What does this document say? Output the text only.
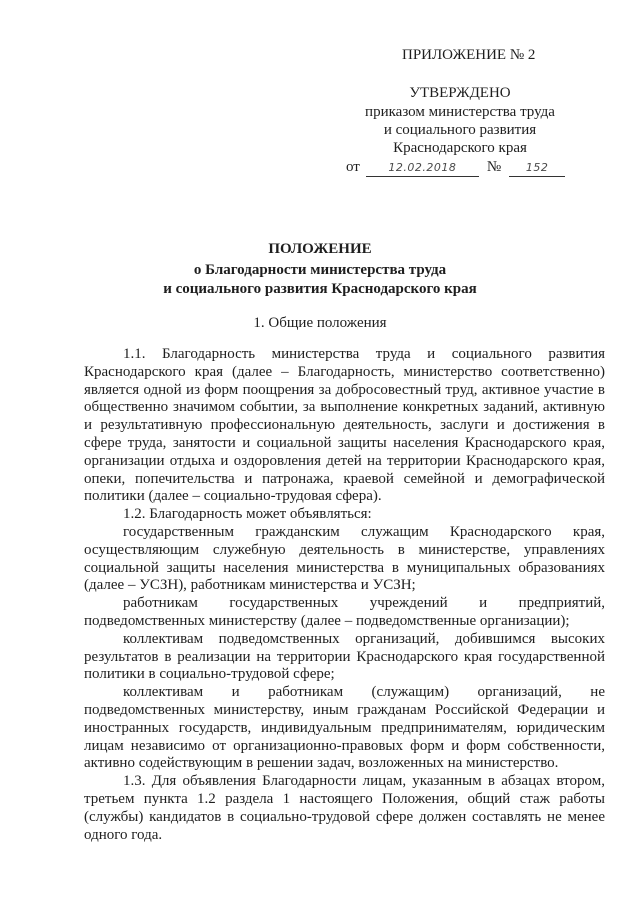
ПРИЛОЖЕНИЕ № 2
УТВЕРЖДЕНО
приказом министерства труда
и социального развития
Краснодарского края
от	12.02.2018 № 152
ПОЛОЖЕНИЕ
о Благодарности министерства труда
и социального развития Краснодарского края
1. Общие положения

1.1. Благодарность министерства труда и социального развития Краснодарского края (далее – Благодарность, министерство соответственно) является одной из форм поощрения за добросовестный труд, активное участие в общественно значимом событии, за выполнение конкретных заданий, активную и результативную профессиональную деятельность, заслуги и достижения в сфере труда, занятости и социальной защиты населения Краснодарского края, организации отдыха и оздоровления детей на территории Краснодарского края, опеки, попечительства и патронажа, краевой семейной и демографической политики (далее – социально-трудовая сфера).

1.2. Благодарность может объявляться:

государственным гражданским служащим Краснодарского края, осуществляющим служебную деятельность в министерстве, управлениях социальной защиты населения министерства в муниципальных образованиях (далее – УСЗН), работникам министерства и УСЗН;

работникам государственных учреждений и предприятий, подведомственных министерству (далее – подведомственные организации);

коллективам подведомственных организаций, добившимся высоких результатов в реализации на территории Краснодарского края государственной политики в социально-трудовой сфере;

коллективам и работникам (служащим) организаций, не подведомственных министерству, иным гражданам Российской Федерации и иностранных государств, индивидуальным предпринимателям, юридическим лицам независимо от организационно-правовых форм и форм собственности, активно содействующим в решении задач, возложенных на министерство.

1.3. Для объявления Благодарности лицам, указанным в абзацах втором, третьем пункта 1.2 раздела 1 настоящего Положения, общий стаж работы (службы) кандидатов в социально-трудовой сфере должен составлять не менее одного года.
